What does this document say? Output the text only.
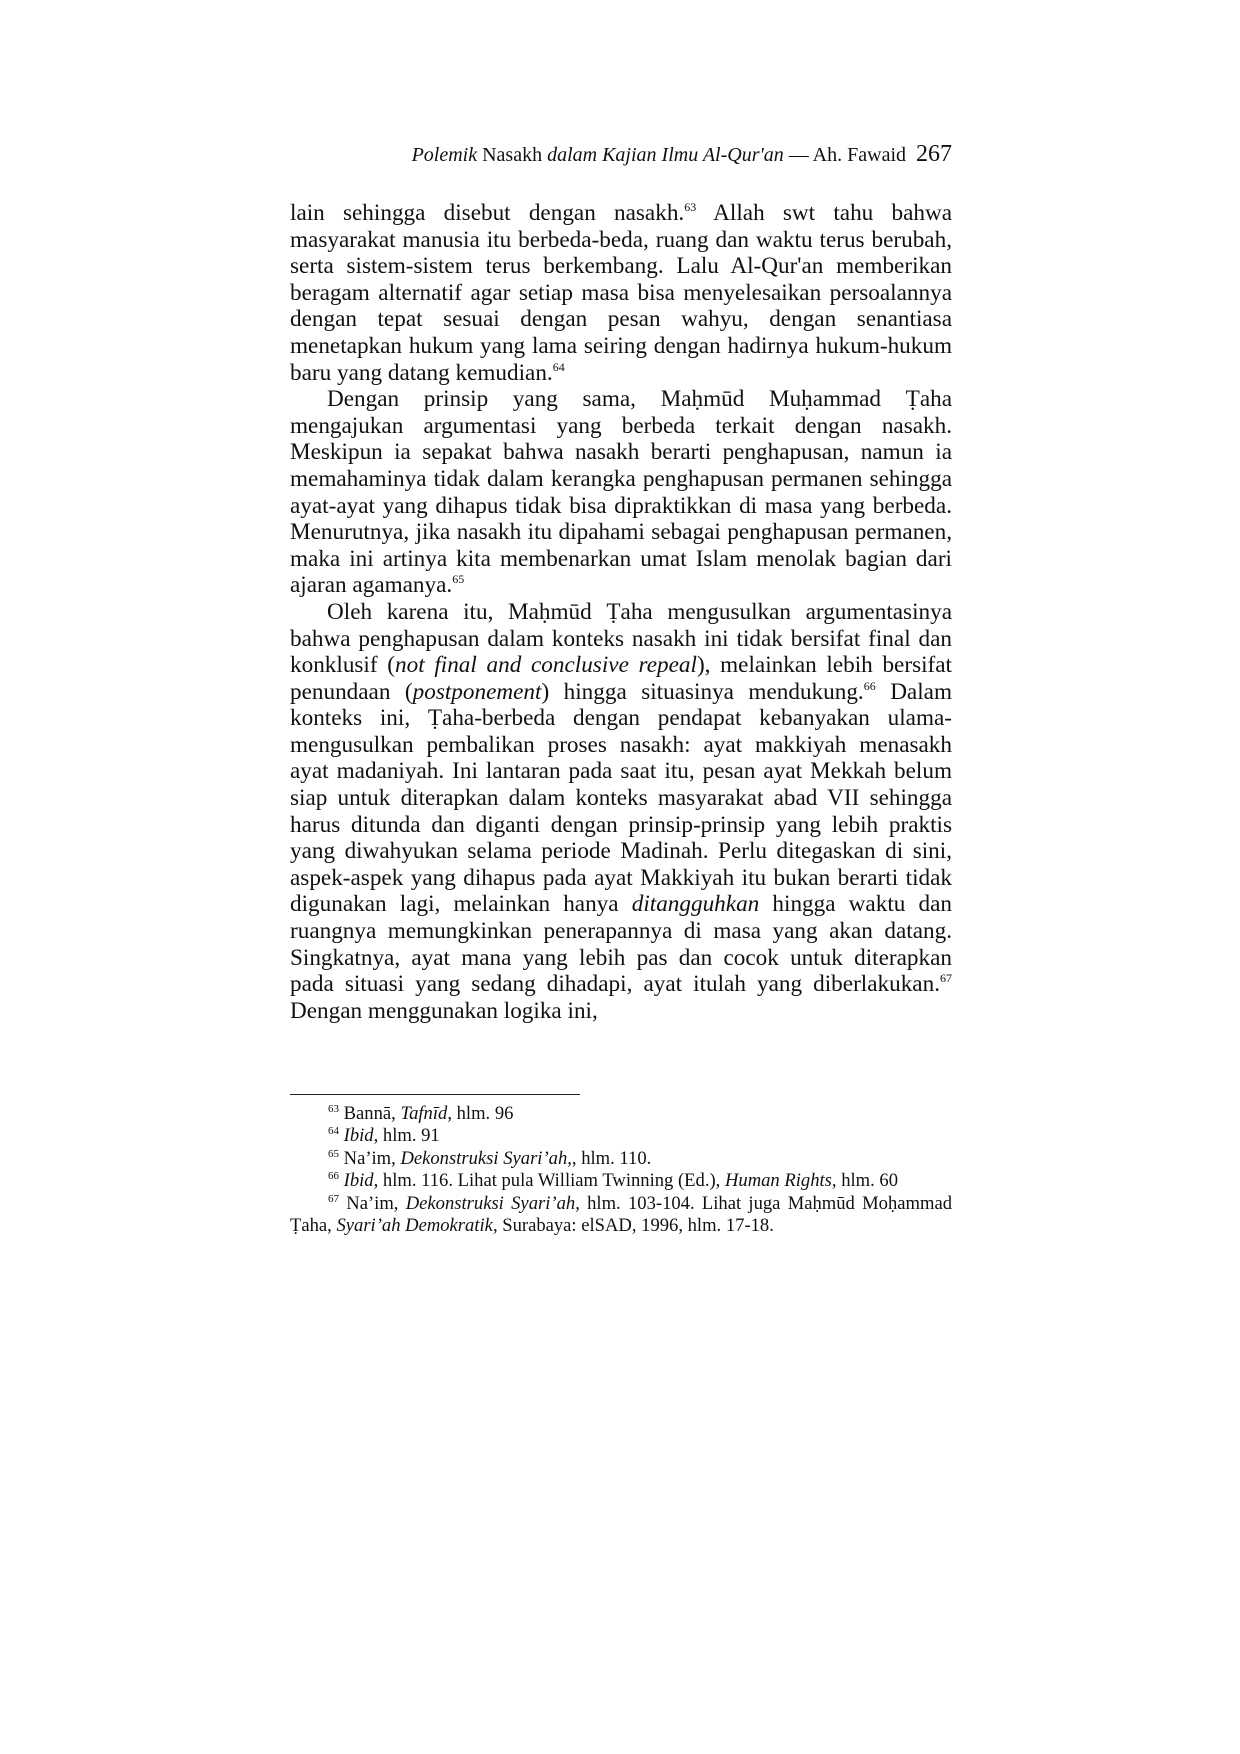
Polemik Nasakh dalam Kajian Ilmu Al-Qur'an — Ah. Fawaid 267

lain sehingga disebut dengan nasakh.$^{63}$ Allah swt tahu bahwa masyarakat manusia itu berbeda-beda, ruang dan waktu terus berubah, serta sistem-sistem terus berkembang. Lalu Al-Qur'an memberikan beragam alternatif agar setiap masa bisa menyelesaikan persoalannya dengan tepat sesuai dengan pesan wahyu, dengan senantiasa menetapkan hukum yang lama seiring dengan hadirnya hukum-hukum baru yang datang kemudian.$^{64}$

Dengan prinsip yang sama, Maḥmūd Muḥammad Ṭaha mengajukan argumentasi yang berbeda terkait dengan nasakh. Meskipun ia sepakat bahwa nasakh berarti penghapusan, namun ia memahaminya tidak dalam kerangka penghapusan permanen sehingga ayat-ayat yang dihapus tidak bisa dipraktikkan di masa yang berbeda. Menurutnya, jika nasakh itu dipahami sebagai penghapusan permanen, maka ini artinya kita membenarkan umat Islam menolak bagian dari ajaran agamanya.$^{65}$

Oleh karena itu, Maḥmūd Ṭaha mengusulkan argumentasinya bahwa penghapusan dalam konteks nasakh ini tidak bersifat final dan konklusif (not final and conclusive repeal), melainkan lebih bersifat penundaan (postponement) hingga situasinya mendukung.$^{66}$ Dalam konteks ini, Ṭaha-berbeda dengan pendapat kebanyakan ulama-mengusulkan pembalikan proses nasakh: ayat makkiyah menasakh ayat madaniyah. Ini lantaran pada saat itu, pesan ayat Mekkah belum siap untuk diterapkan dalam konteks masyarakat abad VII sehingga harus ditunda dan diganti dengan prinsip-prinsip yang lebih praktis yang diwahyukan selama periode Madinah. Perlu ditegaskan di sini, aspek-aspek yang dihapus pada ayat Makkiyah itu bukan berarti tidak digunakan lagi, melainkan hanya ditangguhkan hingga waktu dan ruangnya memungkinkan penerapannya di masa yang akan datang. Singkatnya, ayat mana yang lebih pas dan cocok untuk diterapkan pada situasi yang sedang dihadapi, ayat itulah yang diberlakukan.$^{67}$ Dengan menggunakan logika ini,

$^{63}$ Bannā, Tafnīd, hlm. 96

$^{64}$ Ibid, hlm. 91

$^{65}$ Na’im, Dekonstruksi Syari’ah,, hlm. 110.

$^{66}$ Ibid, hlm. 116. Lihat pula William Twinning (Ed.), Human Rights, hlm. 60

$^{67}$ Na’im, Dekonstruksi Syari’ah, hlm. 103-104. Lihat juga Maḥmūd Moḥammad Ṭaha, Syari’ah Demokratik, Surabaya: elSAD, 1996, hlm. 17-18.
